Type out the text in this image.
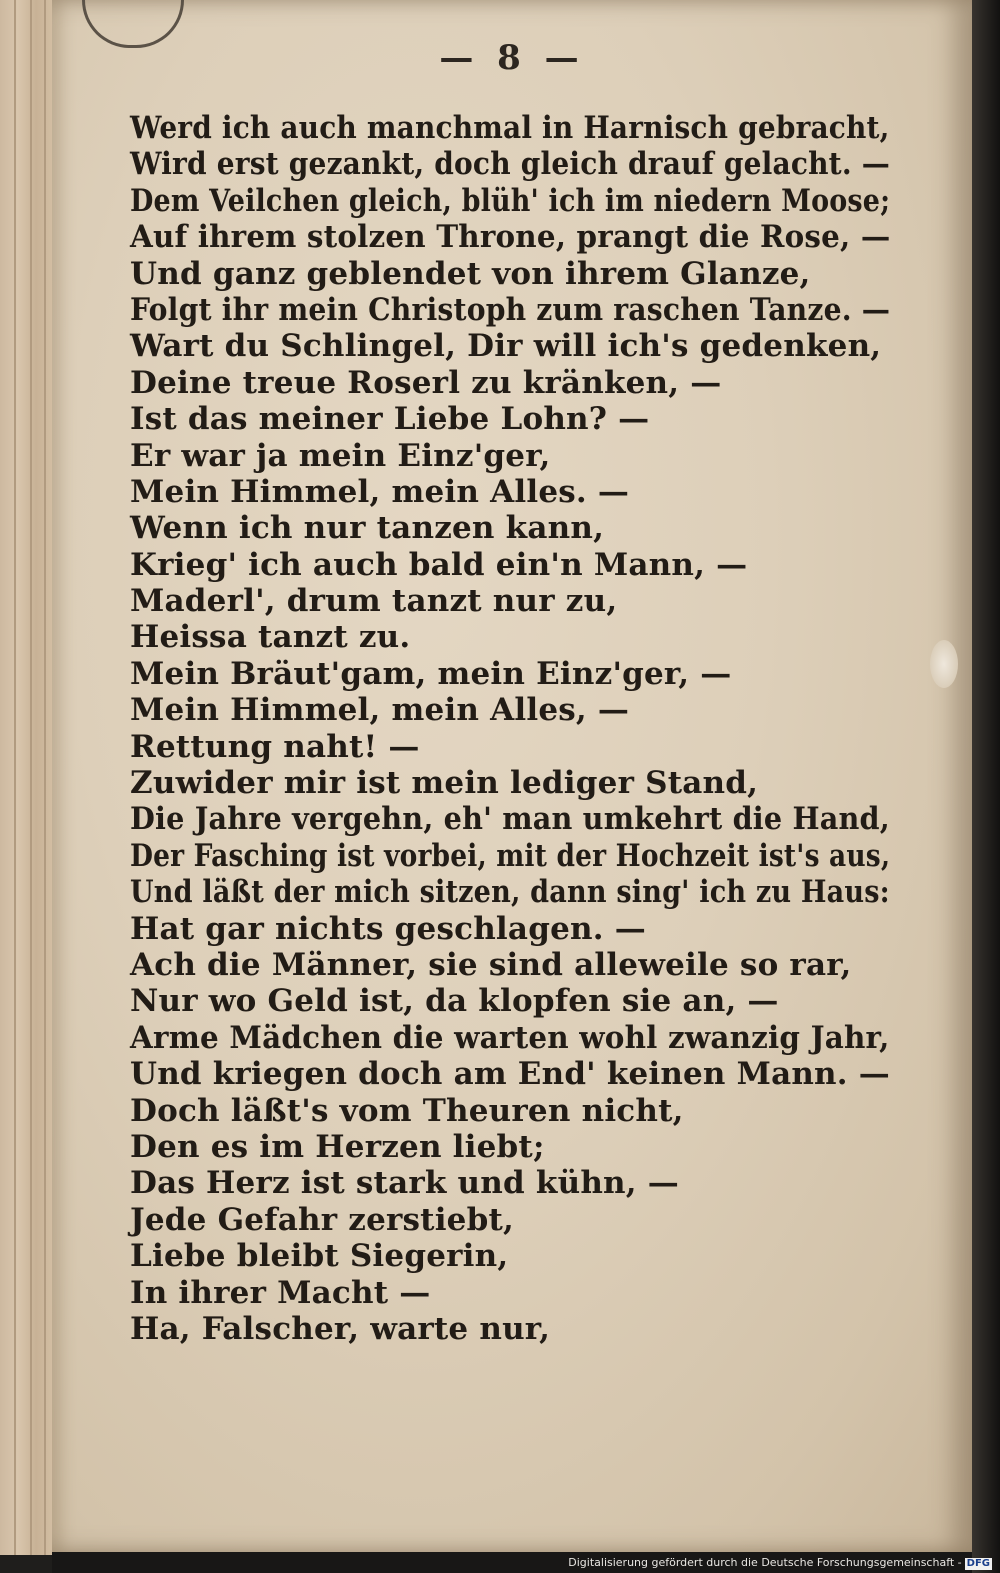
— 8 —
Werd ich auch manchmal in Harnisch gebracht,
Wird erst gezankt, doch gleich drauf gelacht. —
Dem Veilchen gleich, blüh' ich im niedern Moose;
Auf ihrem stolzen Throne, prangt die Rose, —
Und ganz geblendet von ihrem Glanze,
Folgt ihr mein Christoph zum raschen Tanze. —
Wart du Schlingel, Dir will ich's gedenken,
Deine treue Roserl zu kränken, —
Ist das meiner Liebe Lohn? —
Er war ja mein Einz'ger,
Mein Himmel, mein Alles. —
Wenn ich nur tanzen kann,
Krieg' ich auch bald ein'n Mann, —
Maderl', drum tanzt nur zu,
Heissa tanzt zu.
Mein Bräut'gam, mein Einz'ger, —
Mein Himmel, mein Alles, —
Rettung naht! —
Zuwider mir ist mein lediger Stand,
Die Jahre vergehn, eh' man umkehrt die Hand,
Der Fasching ist vorbei, mit der Hochzeit ist's aus,
Und läßt der mich sitzen, dann sing' ich zu Haus:
Hat gar nichts geschlagen. —
Ach die Männer, sie sind alleweile so rar,
Nur wo Geld ist, da klopfen sie an, —
Arme Mädchen die warten wohl zwanzig Jahr,
Und kriegen doch am End' keinen Mann. —
Doch läßt's vom Theuren nicht,
Den es im Herzen liebt;
Das Herz ist stark und kühn, —
Jede Gefahr zerstiebt,
Liebe bleibt Siegerin,
In ihrer Macht —
Ha, Falscher, warte nur,
Digitalisierung gefördert durch die Deutsche Forschungsgemeinschaft - DFG
